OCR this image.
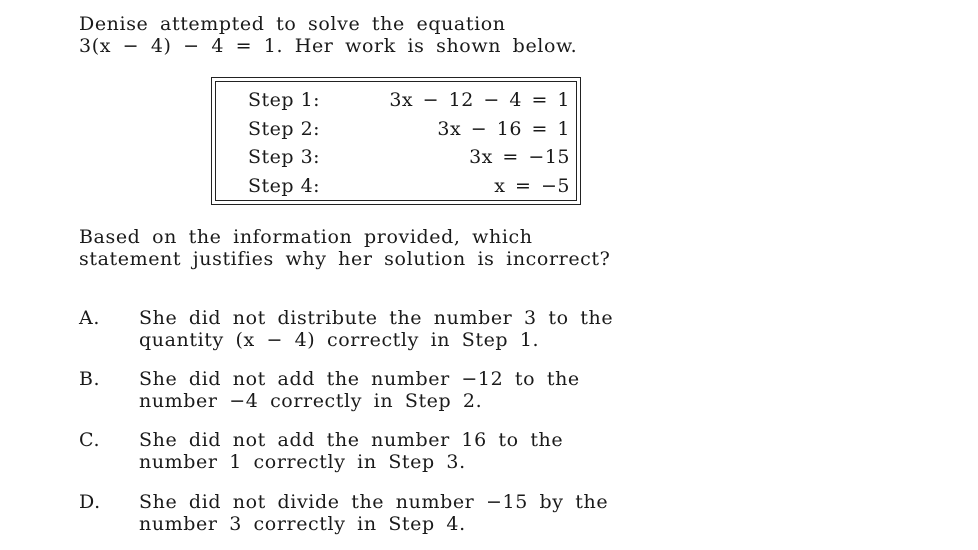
Denise attempted to solve the equation
3(x − 4) − 4 = 1. Her work is shown below.
Step 1:	3x − 12 − 4 = 1
Step 2:	3x − 16 = 1
Step 3:	3x = −15
Step 4:	x = −5
Based on the information provided, which
statement justifies why her solution is incorrect?
A. She did not distribute the number 3 to the
quantity (x − 4) correctly in Step 1.
B. She did not add the number −12 to the
number −4 correctly in Step 2.
C. She did not add the number 16 to the
number 1 correctly in Step 3.
D. She did not divide the number −15 by the
number 3 correctly in Step 4.
